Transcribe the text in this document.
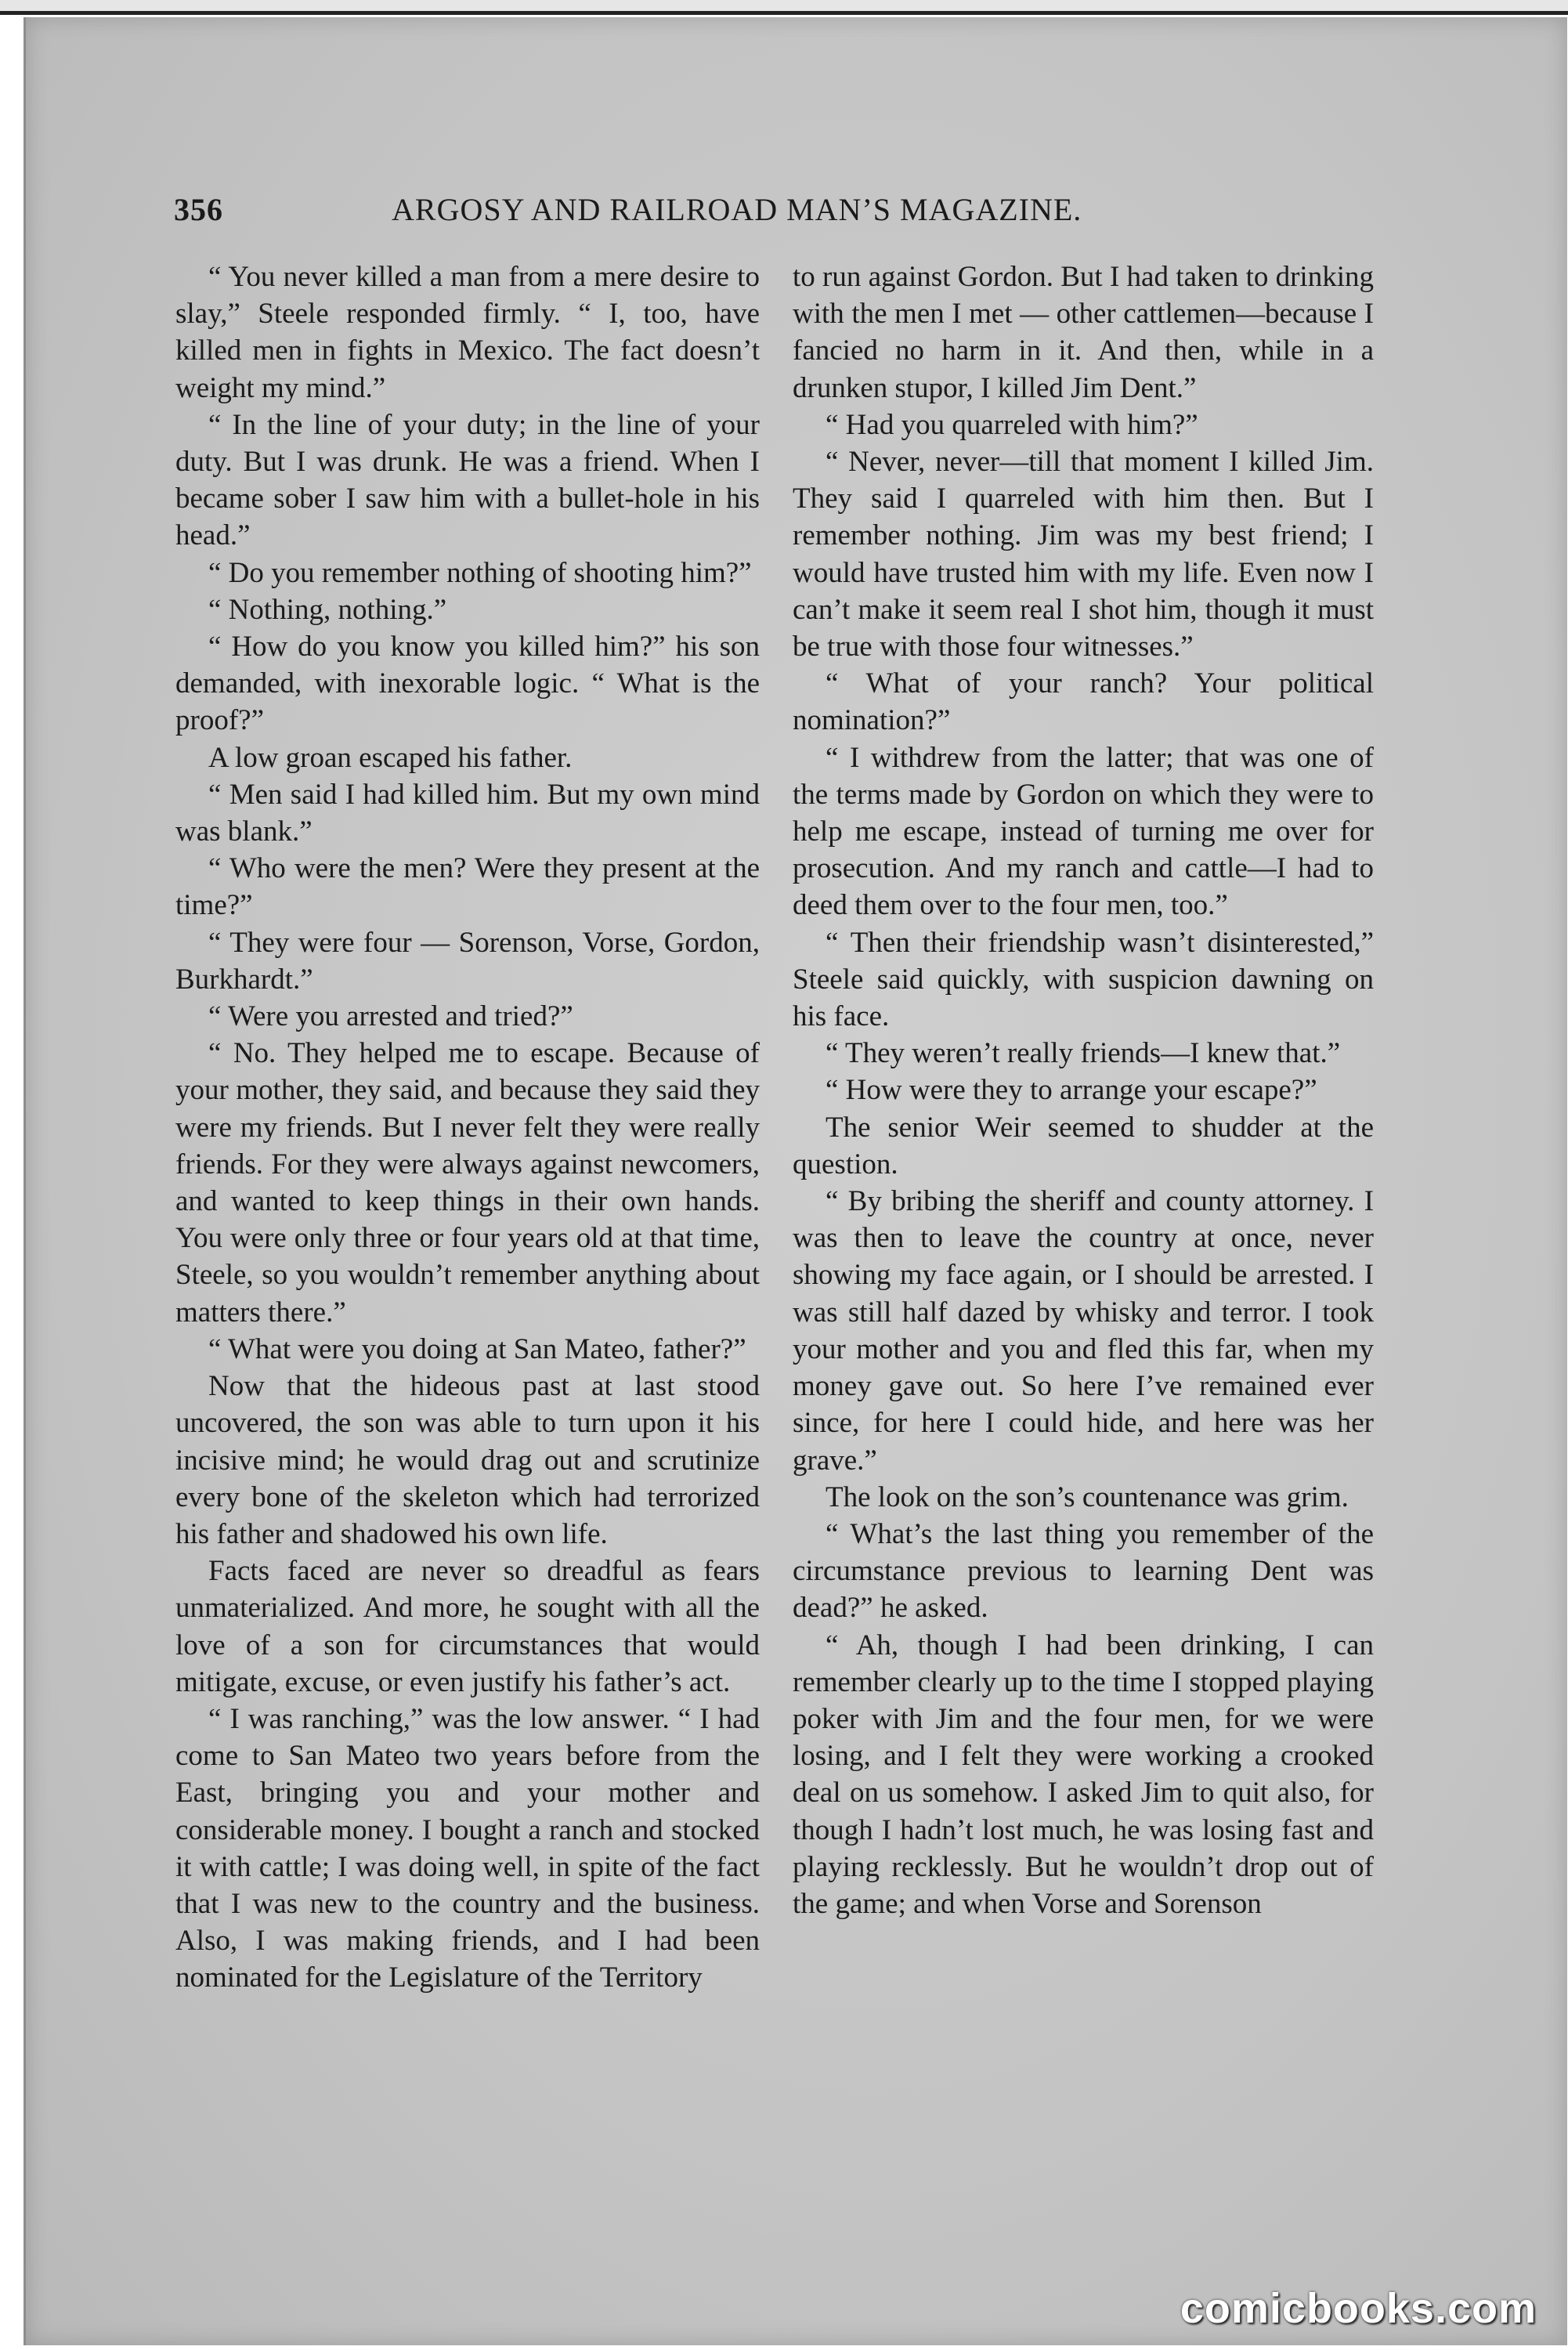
356	ARGOSY AND RAILROAD MAN’S MAGAZINE.

“ You never killed a man from a mere desire to slay,” Steele responded firmly. “ I, too, have killed men in fights in Mexico. The fact doesn’t weight my mind.”

“ In the line of your duty; in the line of your duty. But I was drunk. He was a friend. When I became sober I saw him with a bullet-hole in his head.”

“ Do you remember nothing of shooting him?”

“ Nothing, nothing.”

“ How do you know you killed him?” his son demanded, with inexorable logic. “ What is the proof?”

A low groan escaped his father.

“ Men said I had killed him. But my own mind was blank.”

“ Who were the men? Were they present at the time?”

“ They were four — Sorenson, Vorse, Gordon, Burkhardt.”

“ Were you arrested and tried?”

“ No. They helped me to escape. Because of your mother, they said, and because they said they were my friends. But I never felt they were really friends. For they were always against newcomers, and wanted to keep things in their own hands. You were only three or four years old at that time, Steele, so you wouldn’t remember anything about matters there.”

“ What were you doing at San Mateo, father?”

Now that the hideous past at last stood uncovered, the son was able to turn upon it his incisive mind; he would drag out and scrutinize every bone of the skeleton which had terrorized his father and shadowed his own life.

Facts faced are never so dreadful as fears unmaterialized. And more, he sought with all the love of a son for circumstances that would mitigate, excuse, or even justify his father’s act.

“ I was ranching,” was the low answer. “ I had come to San Mateo two years before from the East, bringing you and your mother and considerable money. I bought a ranch and stocked it with cattle; I was doing well, in spite of the fact that I was new to the country and the business. Also, I was making friends, and I had been nominated for the Legislature of the Territory

to run against Gordon. But I had taken to drinking with the men I met — other cattlemen—because I fancied no harm in it. And then, while in a drunken stupor, I killed Jim Dent.”

“ Had you quarreled with him?”

“ Never, never—till that moment I killed Jim. They said I quarreled with him then. But I remember nothing. Jim was my best friend; I would have trusted him with my life. Even now I can’t make it seem real I shot him, though it must be true with those four witnesses.”

“ What of your ranch? Your political nomination?”

“ I withdrew from the latter; that was one of the terms made by Gordon on which they were to help me escape, instead of turning me over for prosecution. And my ranch and cattle—I had to deed them over to the four men, too.”

“ Then their friendship wasn’t disinterested,” Steele said quickly, with suspicion dawning on his face.

“ They weren’t really friends—I knew that.”

“ How were they to arrange your escape?”

The senior Weir seemed to shudder at the question.

“ By bribing the sheriff and county attorney. I was then to leave the country at once, never showing my face again, or I should be arrested. I was still half dazed by whisky and terror. I took your mother and you and fled this far, when my money gave out. So here I’ve remained ever since, for here I could hide, and here was her grave.”

The look on the son’s countenance was grim.

“ What’s the last thing you remember of the circumstance previous to learning Dent was dead?” he asked.

“ Ah, though I had been drinking, I can remember clearly up to the time I stopped playing poker with Jim and the four men, for we were losing, and I felt they were working a crooked deal on us somehow. I asked Jim to quit also, for though I hadn’t lost much, he was losing fast and playing recklessly. But he wouldn’t drop out of the game; and when Vorse and Sorenson

comicbooks.com
